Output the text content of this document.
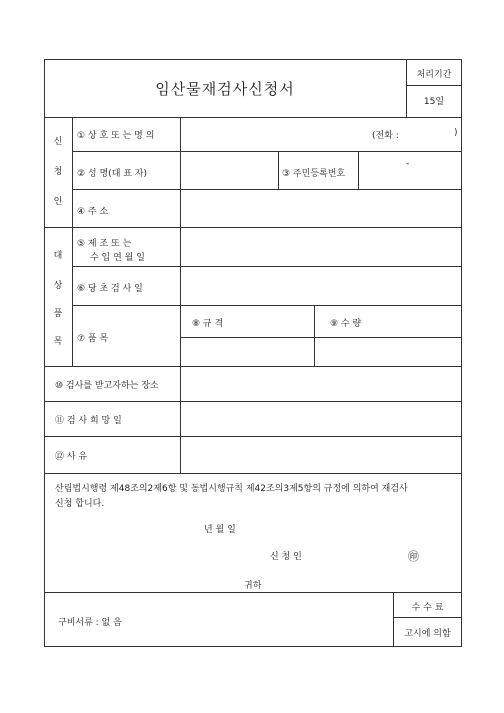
임산물재검사신청서
처리기간
15일
신
청
인
① 상 호 또 는 명 의	(전화 :	)
② 성 명(대 표 자)	③ 주민등록번호
-
④ 주 소
대
상
품
목
⑤ 제 조 또 는
수 입 연 월 일
⑥ 당 초 검 사 일
⑦ 품 목
⑧ 규 격	⑨ 수 량
⑩ 검사를 받고자하는 장소
⑪ 검 사 희 망 일
⑫ 사 유
산림법시행령 제48조의2제6항 및 동법시행규칙 제42조의3제5항의 규정에 의하여 재검사
신청 합니다.
년 월 일
신 청 인	㊞
귀하
구비서류 : 없 음
수 수 료
고시에 의함
